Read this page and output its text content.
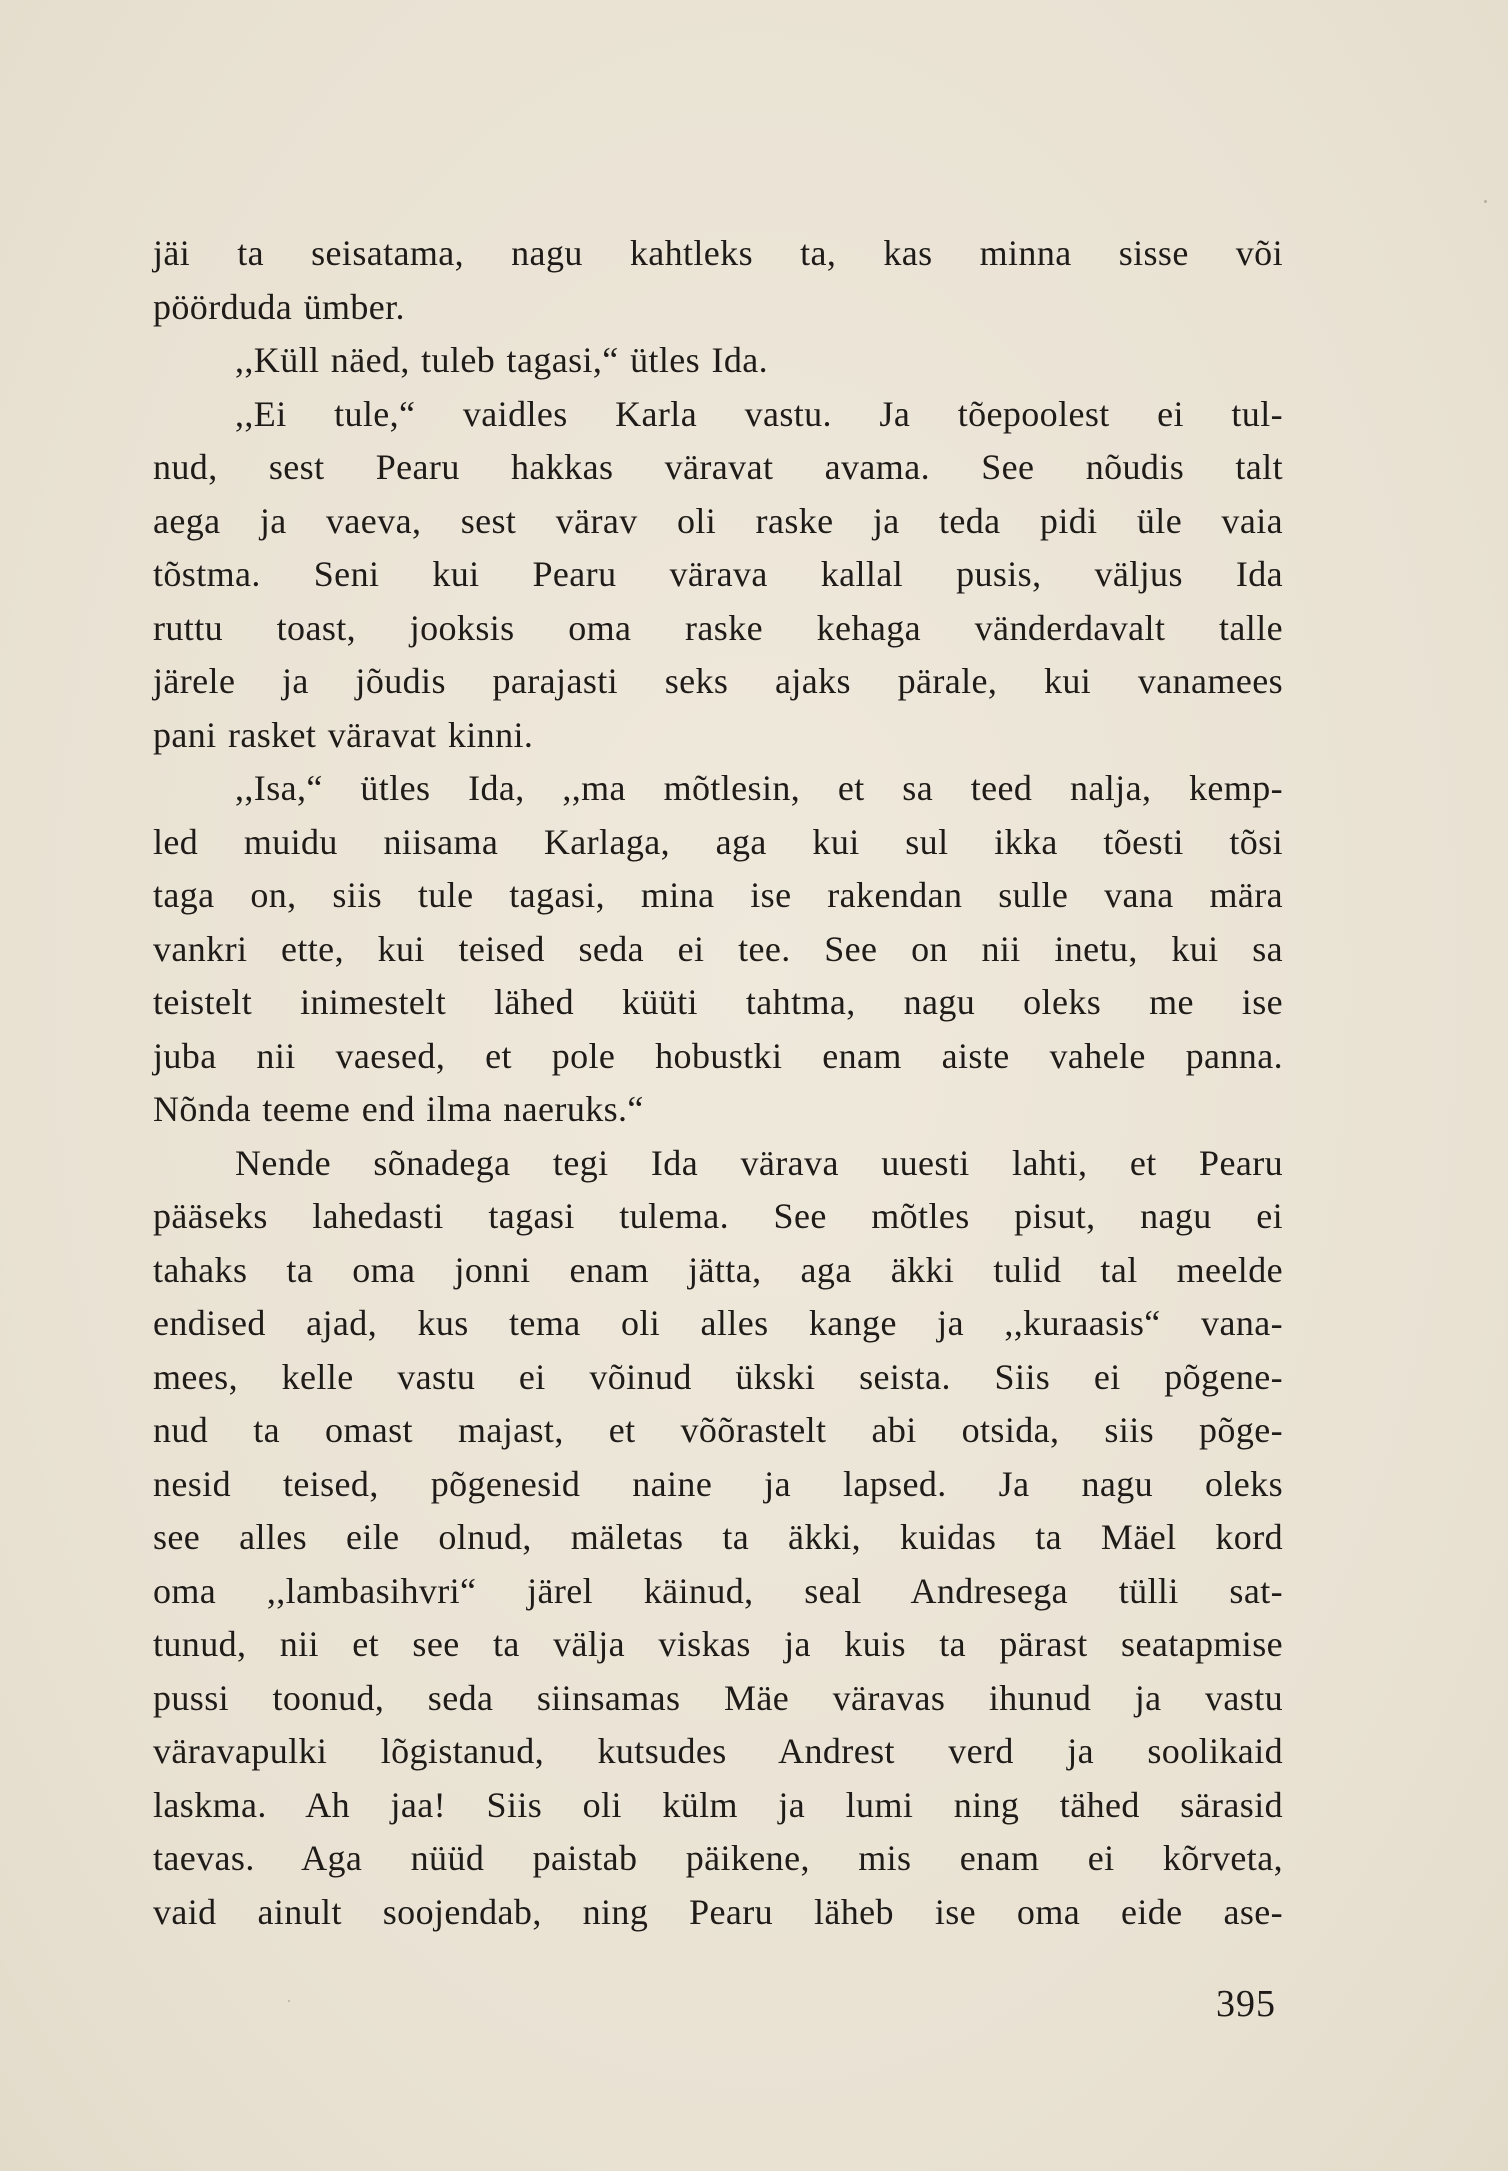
jäi ta seisatama, nagu kahtleks ta, kas minna sisse või
pöörduda ümber.
,,Küll näed, tuleb tagasi,“ ütles Ida.
,,Ei tule,“ vaidles Karla vastu. Ja tõepoolest ei tul-
nud, sest Pearu hakkas väravat avama. See nõudis talt
aega ja vaeva, sest värav oli raske ja teda pidi üle vaia
tõstma. Seni kui Pearu värava kallal pusis, väljus Ida
ruttu toast, jooksis oma raske kehaga vänderdavalt talle
järele ja jõudis parajasti seks ajaks pärale, kui vanamees
pani rasket väravat kinni.
,,Isa,“ ütles Ida, ,,ma mõtlesin, et sa teed nalja, kemp-
led muidu niisama Karlaga, aga kui sul ikka tõesti tõsi
taga on, siis tule tagasi, mina ise rakendan sulle vana mära
vankri ette, kui teised seda ei tee. See on nii inetu, kui sa
teistelt inimestelt lähed küüti tahtma, nagu oleks me ise
juba nii vaesed, et pole hobustki enam aiste vahele panna.
Nõnda teeme end ilma naeruks.“
Nende sõnadega tegi Ida värava uuesti lahti, et Pearu
pääseks lahedasti tagasi tulema. See mõtles pisut, nagu ei
tahaks ta oma jonni enam jätta, aga äkki tulid tal meelde
endised ajad, kus tema oli alles kange ja ,,kuraasis“ vana-
mees, kelle vastu ei võinud ükski seista. Siis ei põgene-
nud ta omast majast, et võõrastelt abi otsida, siis põge-
nesid teised, põgenesid naine ja lapsed. Ja nagu oleks
see alles eile olnud, mäletas ta äkki, kuidas ta Mäel kord
oma ,,lambasihvri“ järel käinud, seal Andresega tülli sat-
tunud, nii et see ta välja viskas ja kuis ta pärast seatapmise
pussi toonud, seda siinsamas Mäe väravas ihunud ja vastu
väravapulki lõgistanud, kutsudes Andrest verd ja soolikaid
laskma. Ah jaa! Siis oli külm ja lumi ning tähed särasid
taevas. Aga nüüd paistab päikene, mis enam ei kõrveta,
vaid ainult soojendab, ning Pearu läheb ise oma eide ase-
395
